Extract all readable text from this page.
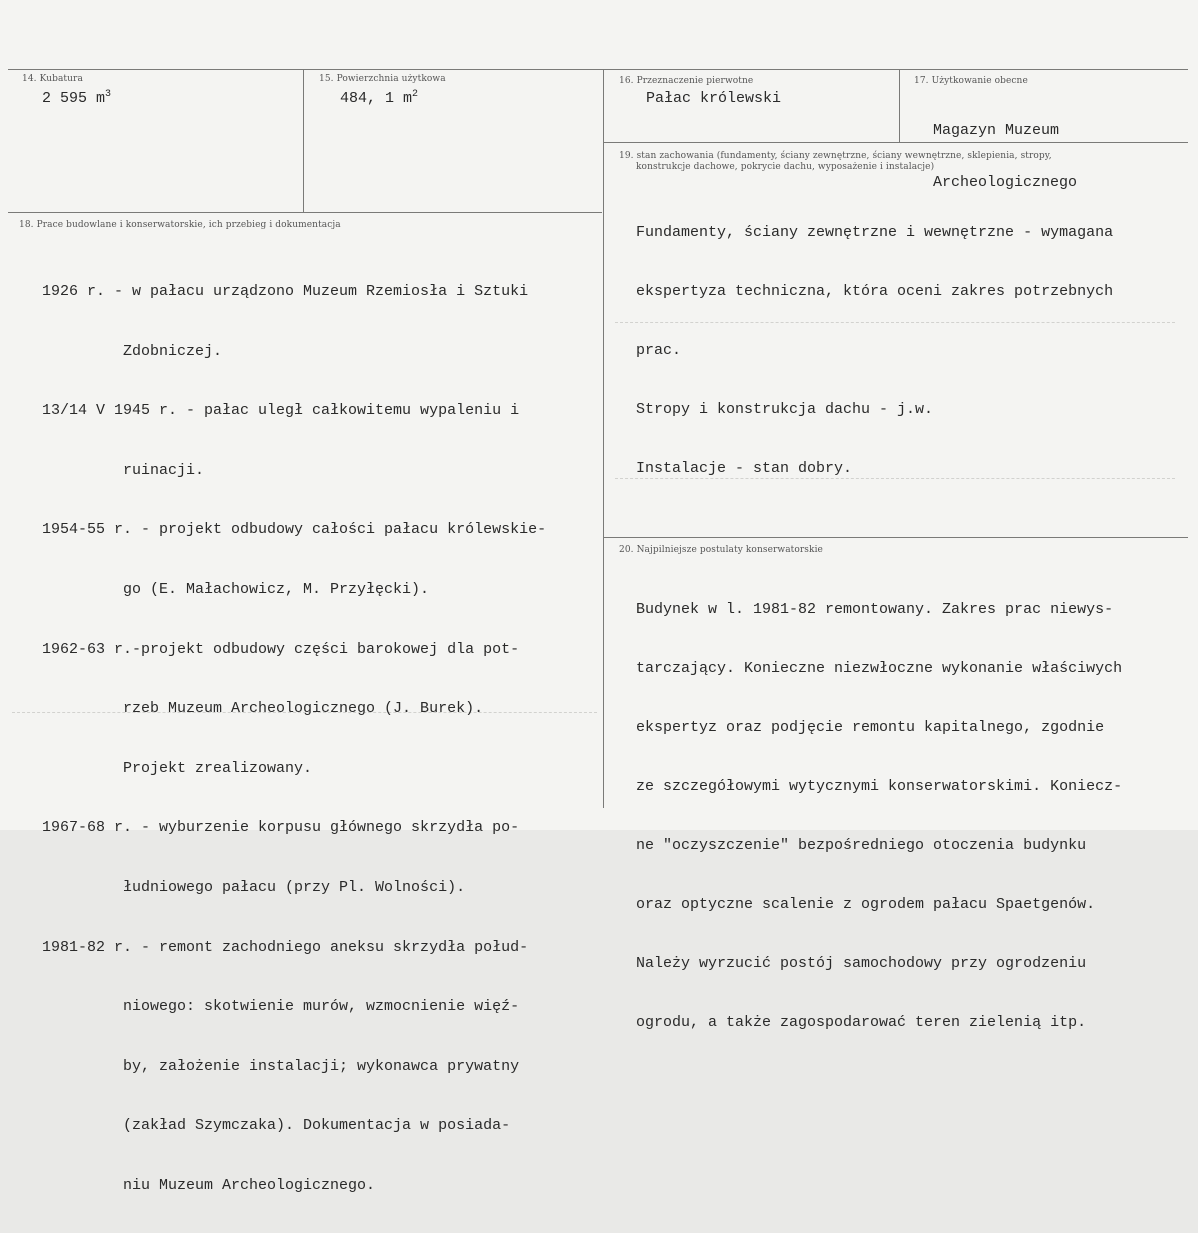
14. Kubatura
2 595 $m^3$
15. Powierzchnia użytkowa
484, 1 $m^2$
16. Przeznaczenie pierwotne
Pałac królewski
17. Użytkowanie obecne

Magazyn Muzeum

Archeologicznego

18. Prace budowlane i konserwatorskie, ich przebieg i dokumentacja

1926 r. - w pałacu urządzono Muzeum Rzemiosła i Sztuki

Zdobniczej.

13/14 V 1945 r. - pałac uległ całkowitemu wypaleniu i

ruinacji.

1954-55 r. - projekt odbudowy całości pałacu królewskie-

go (E. Małachowicz, M. Przyłęcki).

1962-63 r.-projekt odbudowy części barokowej dla pot-

rzeb Muzeum Archeologicznego (J. Burek).

Projekt zrealizowany.

1967-68 r. - wyburzenie korpusu głównego skrzydła po-

łudniowego pałacu (przy Pl. Wolności).

1981-82 r. - remont zachodniego aneksu skrzydła połud-

niowego: skotwienie murów, wzmocnienie więź-

by, założenie instalacji; wykonawca prywatny

(zakład Szymczaka). Dokumentacja w posiada-

niu Muzeum Archeologicznego.

19. stan zachowania (fundamenty, ściany zewnętrzne, ściany wewnętrzne, sklepienia, stropy,
konstrukcje dachowe, pokrycie dachu, wyposażenie i instalacje)

Fundamenty, ściany zewnętrzne i wewnętrzne - wymagana

ekspertyza techniczna, która oceni zakres potrzebnych

prac.

Stropy i konstrukcja dachu - j.w.

Instalacje - stan dobry.

20. Najpilniejsze postulaty konserwatorskie

Budynek w l. 1981-82 remontowany. Zakres prac niewys-

tarczający. Konieczne niezwłoczne wykonanie właściwych

ekspertyz oraz podjęcie remontu kapitalnego, zgodnie

ze szczegółowymi wytycznymi konserwatorskimi. Koniecz-

ne "oczyszczenie" bezpośredniego otoczenia budynku

oraz optyczne scalenie z ogrodem pałacu Spaetgenów.

Należy wyrzucić postój samochodowy przy ogrodzeniu

ogrodu, a także zagospodarować teren zielenią itp.
